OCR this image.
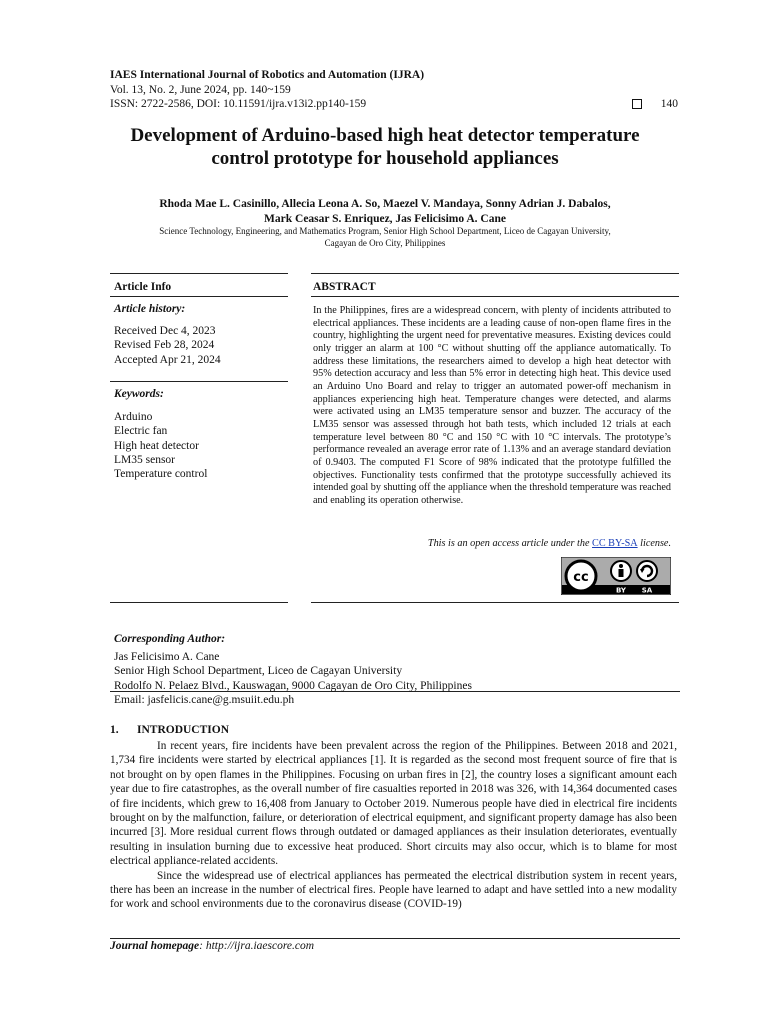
IAES International Journal of Robotics and Automation (IJRA)
Vol. 13, No. 2, June 2024, pp. 140~159
ISSN: 2722-2586, DOI: 10.11591/ijra.v13i2.pp140-159	140
Development of Arduino-based high heat detector temperature
control prototype for household appliances
Rhoda Mae L. Casinillo, Allecia Leona A. So, Maezel V. Mandaya, Sonny Adrian J. Dabalos,
Mark Ceasar S. Enriquez, Jas Felicisimo A. Cane
Science Technology, Engineering, and Mathematics Program, Senior High School Department, Liceo de Cagayan University,
Cagayan de Oro City, Philippines
Article Info
Article history:
Received Dec 4, 2023
Revised Feb 28, 2024
Accepted Apr 21, 2024
Keywords:
Arduino
Electric fan
High heat detector
LM35 sensor
Temperature control
ABSTRACT
In the Philippines, fires are a widespread concern, with plenty of incidents attributed to electrical appliances. These incidents are a leading cause of non-open flame fires in the country, highlighting the urgent need for preventative measures. Existing devices could only trigger an alarm at 100 °C without shutting off the appliance automatically. To address these limitations, the researchers aimed to develop a high heat detector with 95% detection accuracy and less than 5% error in detecting high heat. This device used an Arduino Uno Board and relay to trigger an automated power-off mechanism in appliances experiencing high heat. Temperature changes were detected, and alarms were activated using an LM35 temperature sensor and buzzer. The accuracy of the LM35 sensor was assessed through hot bath tests, which included 12 trials at each temperature level between 80 °C and 150 °C with 10 °C intervals. The prototype’s performance revealed an average error rate of 1.13% and an average standard deviation of 0.9403. The computed F1 Score of 98% indicated that the prototype fulfilled the objectives. Functionality tests confirmed that the prototype successfully achieved its intended goal by shutting off the appliance when the threshold temperature was reached and enabling its operation otherwise.
This is an open access article under the CC BY-SA license.
cc
BY SA
Corresponding Author:
Jas Felicisimo A. Cane
Senior High School Department, Liceo de Cagayan University
Rodolfo N. Pelaez Blvd., Kauswagan, 9000 Cagayan de Oro City, Philippines
Email: jasfelicis.cane@g.msuiit.edu.ph
1. INTRODUCTION

In recent years, fire incidents have been prevalent across the region of the Philippines. Between 2018 and 2021, 1,734 fire incidents were started by electrical appliances [1]. It is regarded as the second most frequent source of fire that is not brought on by open flames in the Philippines. Focusing on urban fires in [2], the country loses a significant amount each year due to fire catastrophes, as the overall number of fire casualties reported in 2018 was 326, with 14,364 documented cases of fire incidents, which grew to 16,408 from January to October 2019. Numerous people have died in electrical fire incidents brought on by the malfunction, failure, or deterioration of electrical equipment, and significant property damage has also been incurred [3]. More residual current flows through outdated or damaged appliances as their insulation deteriorates, eventually resulting in insulation burning due to excessive heat produced. Short circuits may also occur, which is to blame for most electrical appliance-related accidents.

Since the widespread use of electrical appliances has permeated the electrical distribution system in recent years, there has been an increase in the number of electrical fires. People have learned to adapt and have settled into a new modality for work and school environments due to the coronavirus disease (COVID-19)

Journal homepage: http://ijra.iaescore.com
